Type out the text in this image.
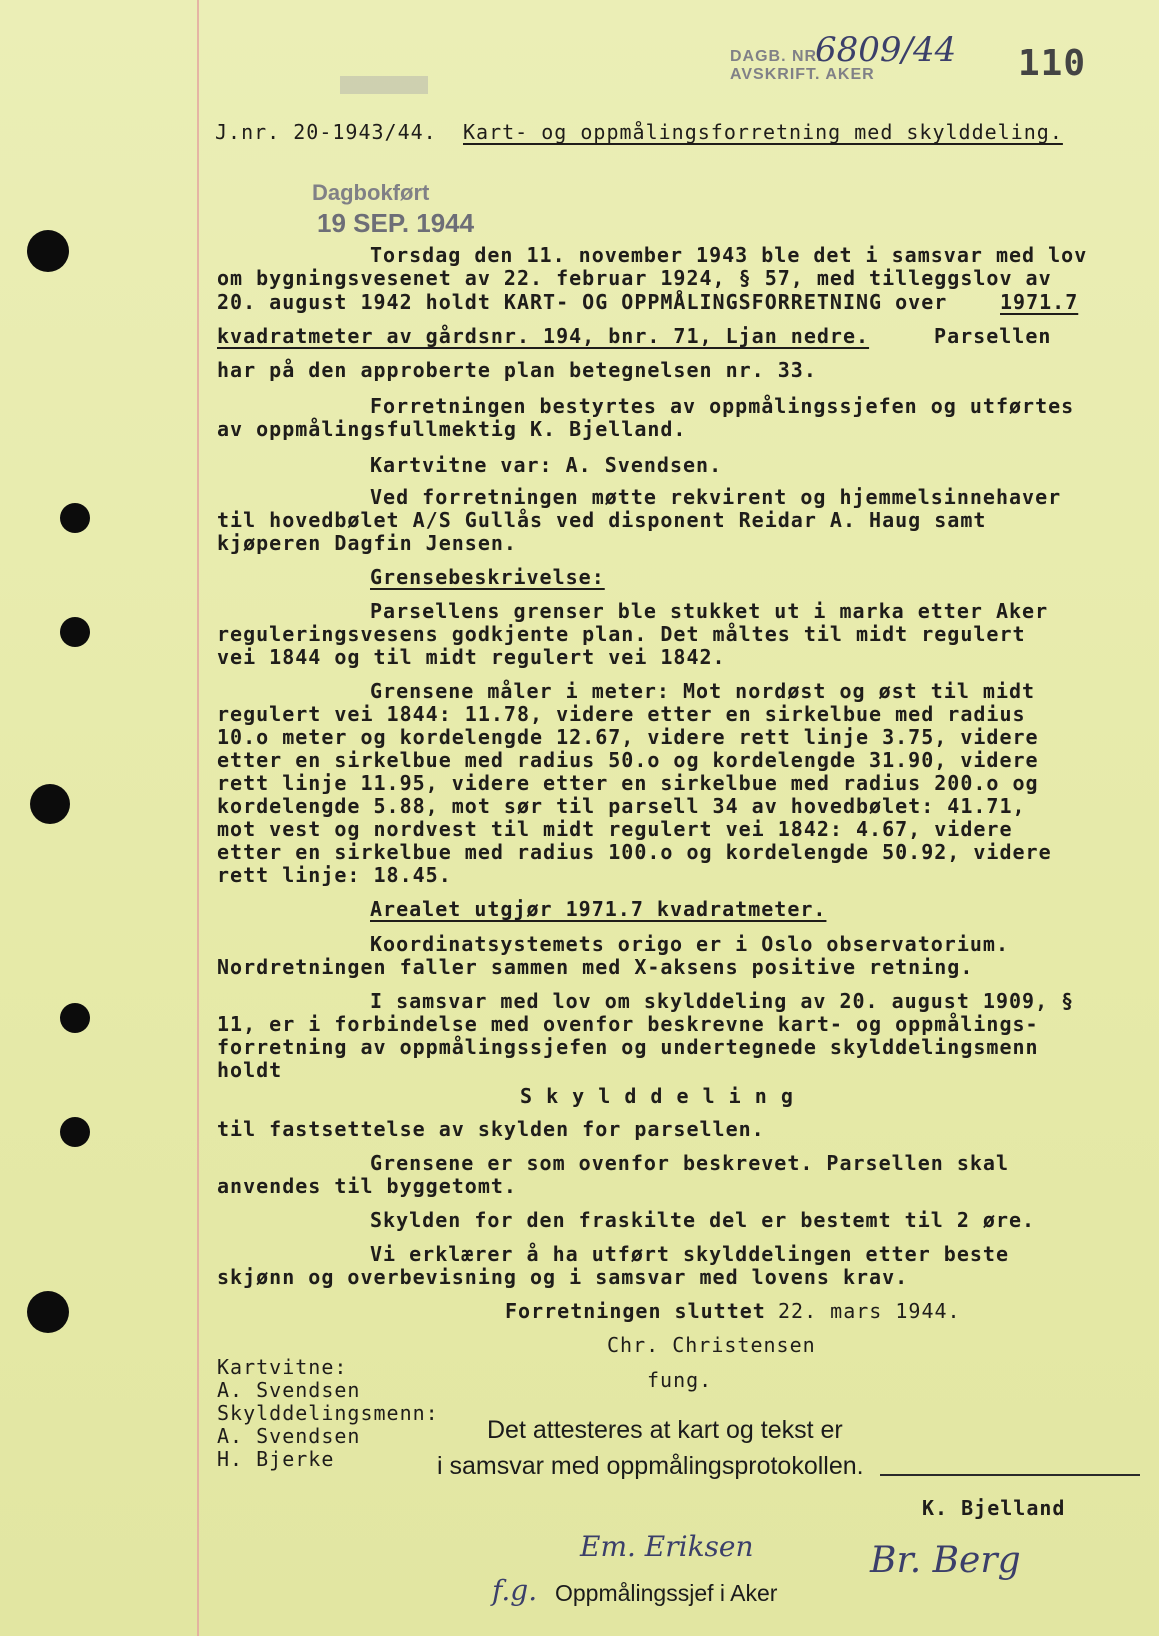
DAGB. NR.
AVSKRIFT. AKER
6809/44 110
J.nr. 20-1943/44. Kart- og oppmålingsforretning med skylddeling.
Dagbokført
19 SEP. 1944
Torsdag den 11. november 1943 ble det i samsvar med lov
om bygningsvesenet av 22. februar 1924, § 57, med tilleggslov av
20. august 1942 holdt KART- OG OPPMÅLINGSFORRETNING over 1971.7
kvadratmeter av gårdsnr. 194, bnr. 71, Ljan nedre.	Parsellen
har på den approberte plan betegnelsen nr. 33.
Forretningen bestyrtes av oppmålingssjefen og utførtes
av oppmålingsfullmektig K. Bjelland.
Kartvitne var: A. Svendsen.
Ved forretningen møtte rekvirent og hjemmelsinnehaver
til hovedbølet A/S Gullås ved disponent Reidar A. Haug samt
kjøperen Dagfin Jensen.
Grensebeskrivelse:
Parsellens grenser ble stukket ut i marka etter Aker
reguleringsvesens godkjente plan. Det måltes til midt regulert
vei 1844 og til midt regulert vei 1842.
Grensene måler i meter: Mot nordøst og øst til midt
regulert vei 1844: 11.78, videre etter en sirkelbue med radius
10.o meter og kordelengde 12.67, videre rett linje 3.75, videre
etter en sirkelbue med radius 50.o og kordelengde 31.90, videre
rett linje 11.95, videre etter en sirkelbue med radius 200.o og
kordelengde 5.88, mot sør til parsell 34 av hovedbølet: 41.71,
mot vest og nordvest til midt regulert vei 1842: 4.67, videre
etter en sirkelbue med radius 100.o og kordelengde 50.92, videre
rett linje: 18.45.
Arealet utgjør 1971.7 kvadratmeter.
Koordinatsystemets origo er i Oslo observatorium.
Nordretningen faller sammen med X-aksens positive retning.
I samsvar med lov om skylddeling av 20. august 1909, §
11, er i forbindelse med ovenfor beskrevne kart- og oppmålings-
forretning av oppmålingssjefen og undertegnede skylddelingsmenn
holdt
S k y l d d e l i n g
til fastsettelse av skylden for parsellen.
Grensene er som ovenfor beskrevet. Parsellen skal
anvendes til byggetomt.
Skylden for den fraskilte del er bestemt til 2 øre.
Vi erklærer å ha utført skylddelingen etter beste
skjønn og overbevisning og i samsvar med lovens krav.
Forretningen sluttet 22. mars 1944.
Chr. Christensen
fung.
Kartvitne:
A. Svendsen
Skylddelingsmenn:
A. Svendsen
H. Bjerke
Det attesteres at kart og tekst er
i samsvar med oppmålingsprotokollen.
K. Bjelland
Em. Eriksen	Br. Berg
f.g. Oppmålingssjef i Aker
